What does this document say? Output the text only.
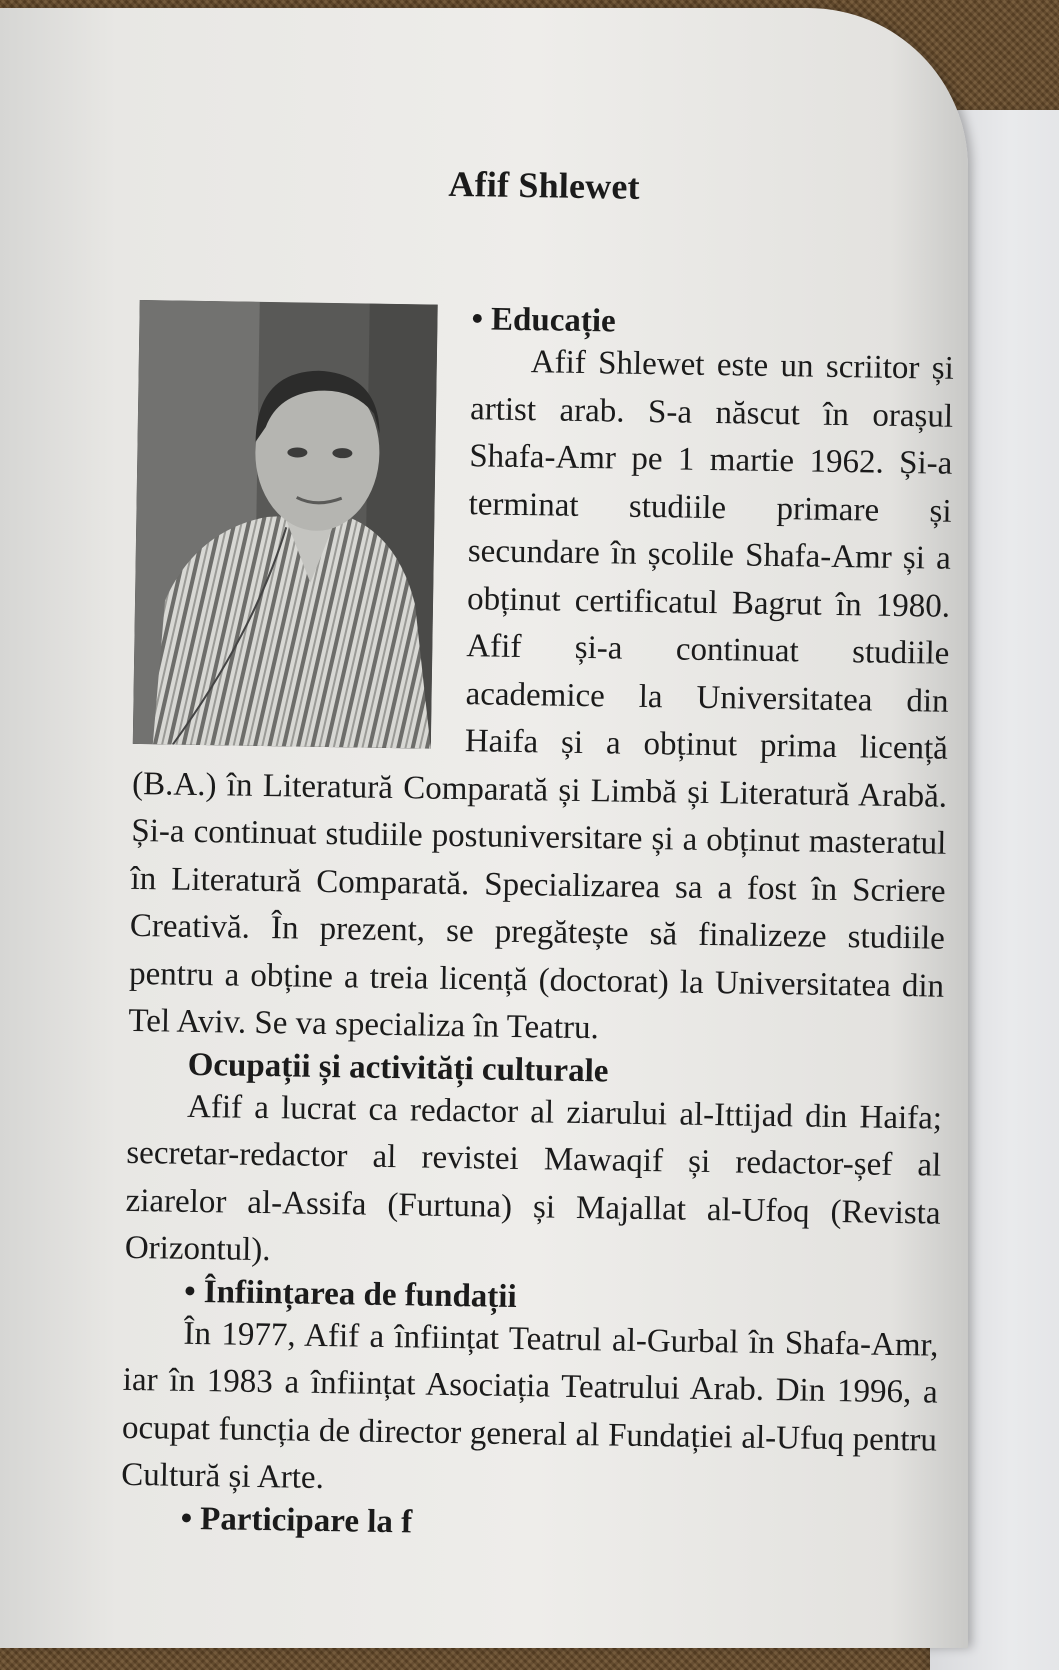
Afif Shlewet

• Educație

Afif Shlewet este un scriitor și artist arab. S-a născut în orașul Shafa-Amr pe 1 martie 1962. Și-a terminat studiile primare și secundare în școlile Shafa-Amr și a obținut certificatul Bagrut în 1980. Afif și-a continuat studiile academice la Universitatea din Haifa și a obținut prima licență (B.A.) în Literatură Comparată și Limbă și Literatură Arabă. Și-a continuat studiile postuniversitare și a obținut masteratul în Literatură Comparată. Specializarea sa a fost în Scriere Creativă. În prezent, se pregătește să finalizeze studiile pentru a obține a treia licență (doctorat) la Universitatea din Tel Aviv. Se va specializa în Teatru.

Ocupații și activități culturale

Afif a lucrat ca redactor al ziarului al-Ittijad din Haifa; secretar-redactor al revistei Mawaqif și redactor-șef al ziarelor al-Assifa (Furtuna) și Majallat al-Ufoq (Revista Orizontul).

• Înființarea de fundații

În 1977, Afif a înființat Teatrul al-Gurbal în Shafa-Amr, iar în 1983 a înființat Asociația Teatrului Arab. Din 1996, a ocupat funcția de director general al Fundației al-Ufuq pentru Cultură și Arte.

• Participare la f
